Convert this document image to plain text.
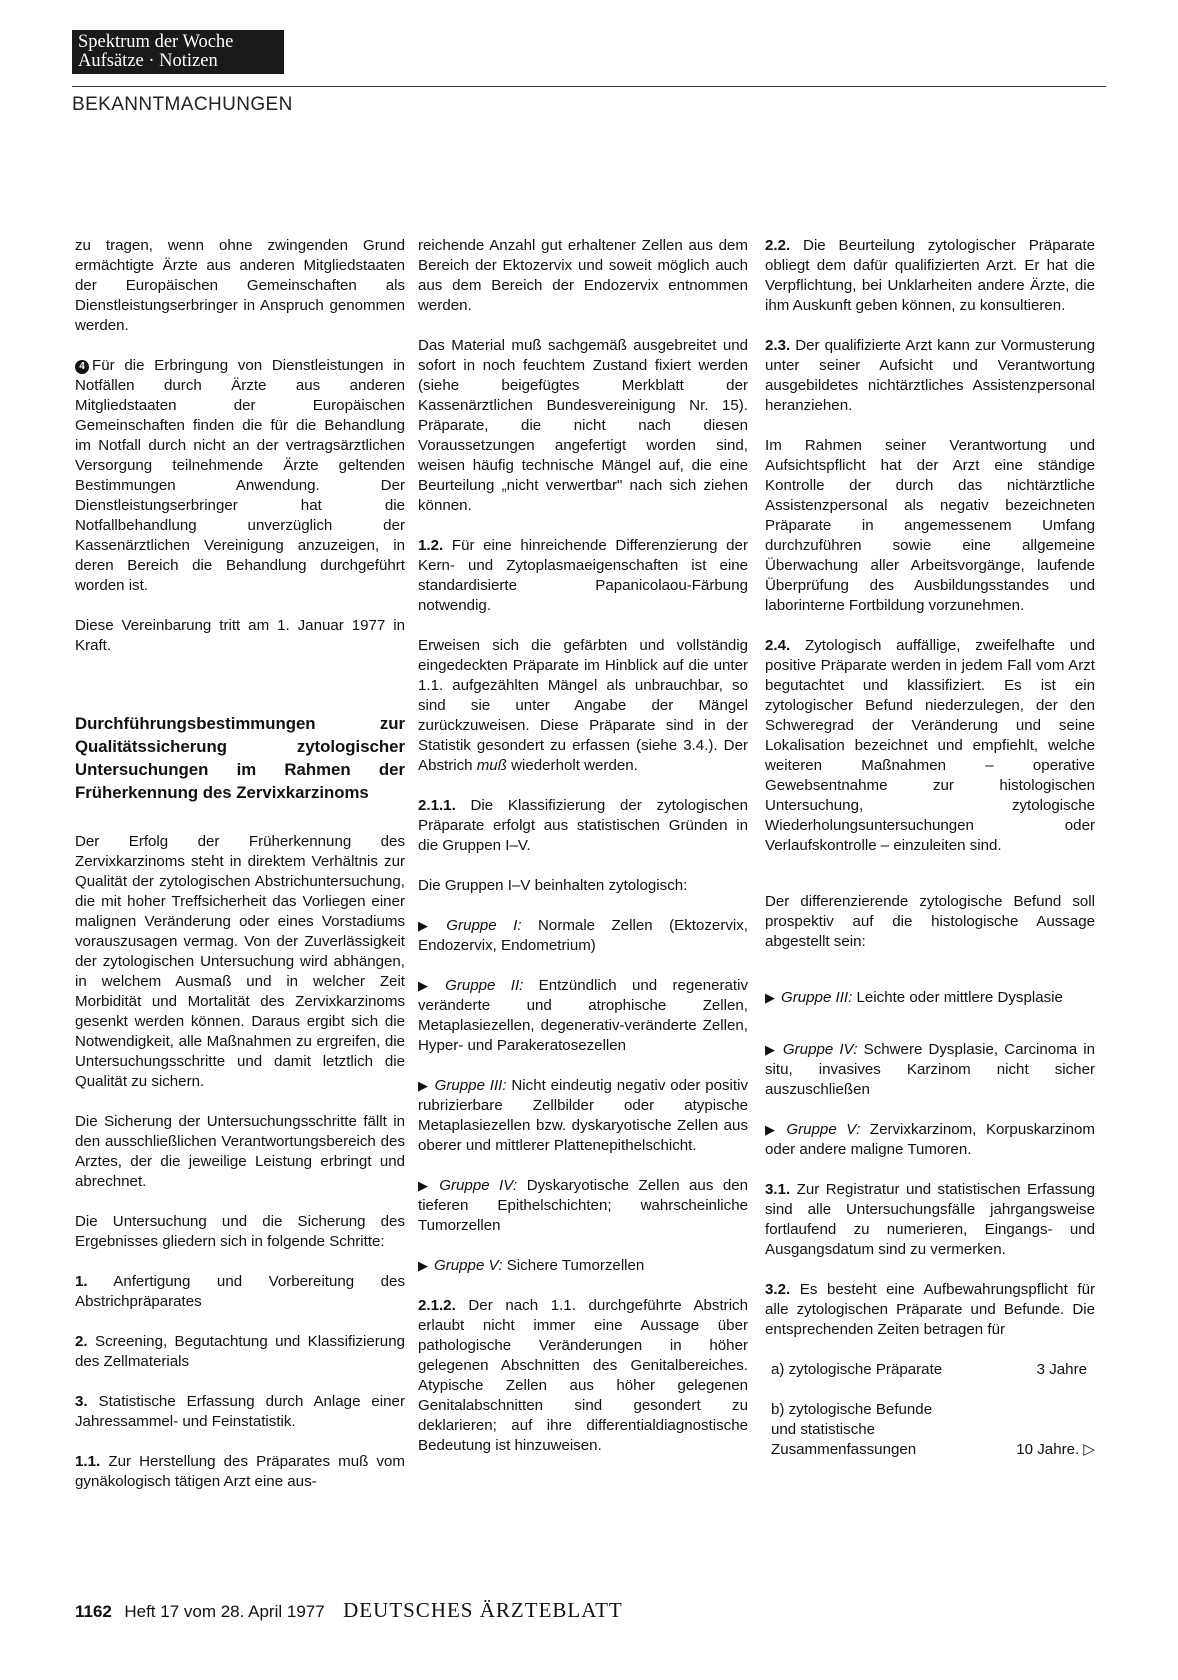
Spektrum der Woche
Aufsätze · Notizen
BEKANNTMACHUNGEN

zu tragen, wenn ohne zwingenden Grund ermächtigte Ärzte aus anderen Mitgliedstaaten der Europäischen Gemeinschaften als Dienstleistungserbringer in Anspruch genommen werden.

4 Für die Erbringung von Dienstleistungen in Notfällen durch Ärzte aus anderen Mitgliedstaaten der Europäischen Gemeinschaften finden die für die Behandlung im Notfall durch nicht an der vertragsärztlichen Versorgung teilnehmende Ärzte geltenden Bestimmungen Anwendung. Der Dienstleistungserbringer hat die Notfallbehandlung unverzüglich der Kassenärztlichen Vereinigung anzuzeigen, in deren Bereich die Behandlung durchgeführt worden ist.

Diese Vereinbarung tritt am 1. Januar 1977 in Kraft.

Durchführungsbestimmungen zur Qualitätssicherung zytologischer Untersuchungen im Rahmen der Früherkennung des Zervixkarzinoms

Der Erfolg der Früherkennung des Zervixkarzinoms steht in direktem Verhältnis zur Qualität der zytologischen Abstrichuntersuchung, die mit hoher Treffsicherheit das Vorliegen einer malignen Veränderung oder eines Vorstadiums vorauszusagen vermag. Von der Zuverlässigkeit der zytologischen Untersuchung wird abhängen, in welchem Ausmaß und in welcher Zeit Morbidität und Mortalität des Zervixkarzinoms gesenkt werden können. Daraus ergibt sich die Notwendigkeit, alle Maßnahmen zu ergreifen, die Untersuchungsschritte und damit letztlich die Qualität zu sichern.

Die Sicherung der Untersuchungsschritte fällt in den ausschließlichen Verantwortungsbereich des Arztes, der die jeweilige Leistung erbringt und abrechnet.

Die Untersuchung und die Sicherung des Ergebnisses gliedern sich in folgende Schritte:

1. Anfertigung und Vorbereitung des Abstrichpräparates

2. Screening, Begutachtung und Klassifizierung des Zellmaterials

3. Statistische Erfassung durch Anlage einer Jahressammel- und Feinstatistik.

1.1. Zur Herstellung des Präparates muß vom gynäkologisch tätigen Arzt eine aus-

reichende Anzahl gut erhaltener Zellen aus dem Bereich der Ektozervix und soweit möglich auch aus dem Bereich der Endozervix entnommen werden.

Das Material muß sachgemäß ausgebreitet und sofort in noch feuchtem Zustand fixiert werden (siehe beigefügtes Merkblatt der Kassenärztlichen Bundesvereinigung Nr. 15). Präparate, die nicht nach diesen Voraussetzungen angefertigt worden sind, weisen häufig technische Mängel auf, die eine Beurteilung „nicht verwertbar" nach sich ziehen können.

1.2. Für eine hinreichende Differenzierung der Kern- und Zytoplasmaeigenschaften ist eine standardisierte Papanicolaou-Färbung notwendig.

Erweisen sich die gefärbten und vollständig eingedeckten Präparate im Hinblick auf die unter 1.1. aufgezählten Mängel als unbrauchbar, so sind sie unter Angabe der Mängel zurückzuweisen. Diese Präparate sind in der Statistik gesondert zu erfassen (siehe 3.4.). Der Abstrich muß wiederholt werden.

2.1.1. Die Klassifizierung der zytologischen Präparate erfolgt aus statistischen Gründen in die Gruppen I–V.

Die Gruppen I–V beinhalten zytologisch:

▶ Gruppe I: Normale Zellen (Ektozervix, Endozervix, Endometrium)

▶ Gruppe II: Entzündlich und regenerativ veränderte und atrophische Zellen, Metaplasiezellen, degenerativ-veränderte Zellen, Hyper- und Parakeratosezellen

▶ Gruppe III: Nicht eindeutig negativ oder positiv rubrizierbare Zellbilder oder atypische Metaplasiezellen bzw. dyskaryotische Zellen aus oberer und mittlerer Plattenepithelschicht.

▶ Gruppe IV: Dyskaryotische Zellen aus den tieferen Epithelschichten; wahrscheinliche Tumorzellen

▶ Gruppe V: Sichere Tumorzellen

2.1.2. Der nach 1.1. durchgeführte Abstrich erlaubt nicht immer eine Aussage über pathologische Veränderungen in höher gelegenen Abschnitten des Genitalbereiches. Atypische Zellen aus höher gelegenen Genitalabschnitten sind gesondert zu deklarieren; auf ihre differentialdiagnostische Bedeutung ist hinzuweisen.

2.2. Die Beurteilung zytologischer Präparate obliegt dem dafür qualifizierten Arzt. Er hat die Verpflichtung, bei Unklarheiten andere Ärzte, die ihm Auskunft geben können, zu konsultieren.

2.3. Der qualifizierte Arzt kann zur Vormusterung unter seiner Aufsicht und Verantwortung ausgebildetes nichtärztliches Assistenzpersonal heranziehen.

Im Rahmen seiner Verantwortung und Aufsichtspflicht hat der Arzt eine ständige Kontrolle der durch das nichtärztliche Assistenzpersonal als negativ bezeichneten Präparate in angemessenem Umfang durchzuführen sowie eine allgemeine Überwachung aller Arbeitsvorgänge, laufende Überprüfung des Ausbildungsstandes und laborinterne Fortbildung vorzunehmen.

2.4. Zytologisch auffällige, zweifelhafte und positive Präparate werden in jedem Fall vom Arzt begutachtet und klassifiziert. Es ist ein zytologischer Befund niederzulegen, der den Schweregrad der Veränderung und seine Lokalisation bezeichnet und empfiehlt, welche weiteren Maßnahmen – operative Gewebsentnahme zur histologischen Untersuchung, zytologische Wiederholungsuntersuchungen oder Verlaufskontrolle – einzuleiten sind.

Der differenzierende zytologische Befund soll prospektiv auf die histologische Aussage abgestellt sein:

▶ Gruppe III: Leichte oder mittlere Dysplasie

▶ Gruppe IV: Schwere Dysplasie, Carcinoma in situ, invasives Karzinom nicht sicher auszuschließen

▶ Gruppe V: Zervixkarzinom, Korpuskarzinom oder andere maligne Tumoren.

3.1. Zur Registratur und statistischen Erfassung sind alle Untersuchungsfälle jahrgangsweise fortlaufend zu numerieren, Eingangs- und Ausgangsdatum sind zu vermerken.

3.2. Es besteht eine Aufbewahrungspflicht für alle zytologischen Präparate und Befunde. Die entsprechenden Zeiten betragen für

a) zytologische Präparate	3 Jahre
b) zytologische Befunde
und statistische
Zusammenfassungen	10 Jahre. ▷
1162 Heft 17 vom 28. April 1977 DEUTSCHES ÄRZTEBLATT
